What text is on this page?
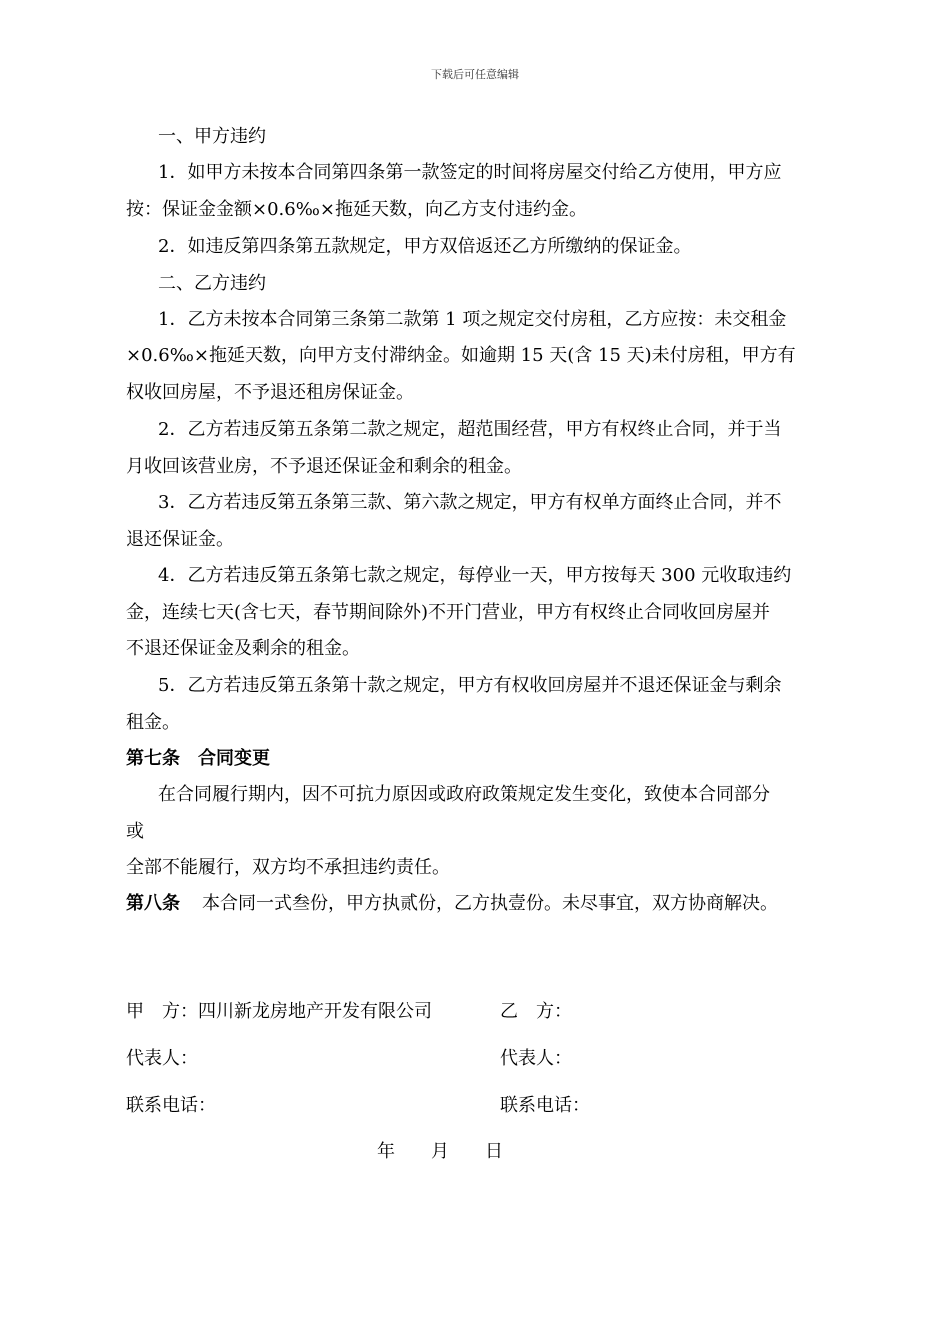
下载后可任意编辑
一、甲方违约
1．如甲方未按本合同第四条第一款签定的时间将房屋交付给乙方使用，甲方应
按：保证金金额×0.6‰×拖延天数，向乙方支付违约金。
2．如违反第四条第五款规定，甲方双倍返还乙方所缴纳的保证金。
二、乙方违约
1．乙方未按本合同第三条第二款第 1 项之规定交付房租，乙方应按：未交租金
×0.6‰×拖延天数，向甲方支付滞纳金。如逾期 15 天(含 15 天)未付房租，甲方有
权收回房屋，不予退还租房保证金。
2．乙方若违反第五条第二款之规定，超范围经营，甲方有权终止合同，并于当
月收回该营业房，不予退还保证金和剩余的租金。
3．乙方若违反第五条第三款、第六款之规定，甲方有权单方面终止合同，并不
退还保证金。
4．乙方若违反第五条第七款之规定，每停业一天，甲方按每天 300 元收取违约
金，连续七天(含七天，春节期间除外)不开门营业，甲方有权终止合同收回房屋并
不退还保证金及剩余的租金。
5．乙方若违反第五条第十款之规定，甲方有权收回房屋并不退还保证金与剩余
租金。
第七条　合同变更
在合同履行期内，因不可抗力原因或政府政策规定发生变化，致使本合同部分
或
全部不能履行，双方均不承担违约责任。
第八条 本合同一式叁份，甲方执贰份，乙方执壹份。未尽事宜，双方协商解决。
甲　方：四川新龙房地产开发有限公司	乙　方：
代表人：	代表人：
联系电话：	联系电话：
年　　月　　日
